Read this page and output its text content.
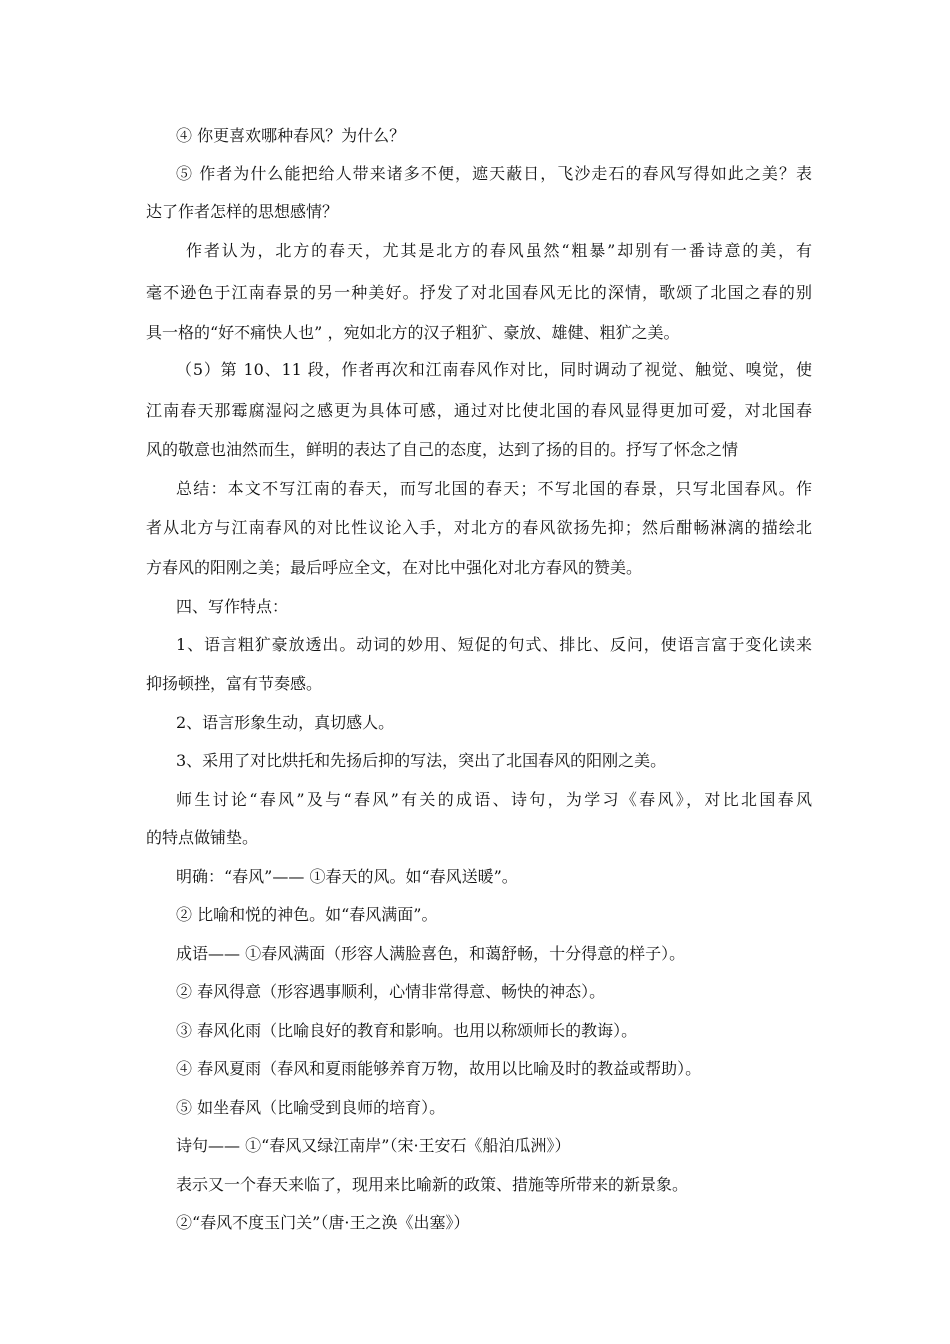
④ 你更喜欢哪种春风？为什么？
⑤ 作者为什么能把给人带来诸多不便，遮天蔽日，飞沙走石的春风写得如此之美？表
达了作者怎样的思想感情？
作者认为，北方的春天，尤其是北方的春风虽然“粗暴”却别有一番诗意的美，有
毫不逊色于江南春景的另一种美好。抒发了对北国春风无比的深情，歌颂了北国之春的别
具一格的“好不痛快人也” ，宛如北方的汉子粗犷、豪放、雄健、粗犷之美。
（5）第 10、11 段，作者再次和江南春风作对比，同时调动了视觉、触觉、嗅觉，使
江南春天那霉腐湿闷之感更为具体可感，通过对比使北国的春风显得更加可爱，对北国春
风的敬意也油然而生，鲜明的表达了自己的态度，达到了扬的目的。抒写了怀念之情
总结：本文不写江南的春天，而写北国的春天；不写北国的春景，只写北国春风。作
者从北方与江南春风的对比性议论入手，对北方的春风欲扬先抑；然后酣畅淋漓的描绘北
方春风的阳刚之美；最后呼应全文，在对比中强化对北方春风的赞美。
四、写作特点：
1、语言粗犷豪放透出。动词的妙用、短促的句式、排比、反问，使语言富于变化读来
抑扬顿挫，富有节奏感。
2、语言形象生动，真切感人。
3、采用了对比烘托和先扬后抑的写法，突出了北国春风的阳刚之美。
师生讨论“春风”及与“春风”有关的成语、诗句，为学习《春风》，对比北国春风
的特点做铺垫。
明确：“春风”—— ①春天的风。如“春风送暖”。
② 比喻和悦的神色。如“春风满面”。
成语—— ①春风满面（形容人满脸喜色，和蔼舒畅，十分得意的样子）。
② 春风得意（形容遇事顺利，心情非常得意、畅快的神态）。
③ 春风化雨（比喻良好的教育和影响。也用以称颂师长的教诲）。
④ 春风夏雨（春风和夏雨能够养育万物，故用以比喻及时的教益或帮助）。
⑤ 如坐春风（比喻受到良师的培育）。
诗句—— ①“春风又绿江南岸”（宋·王安石《船泊瓜洲》）
表示又一个春天来临了，现用来比喻新的政策、措施等所带来的新景象。
②“春风不度玉门关”（唐·王之涣《出塞》）
